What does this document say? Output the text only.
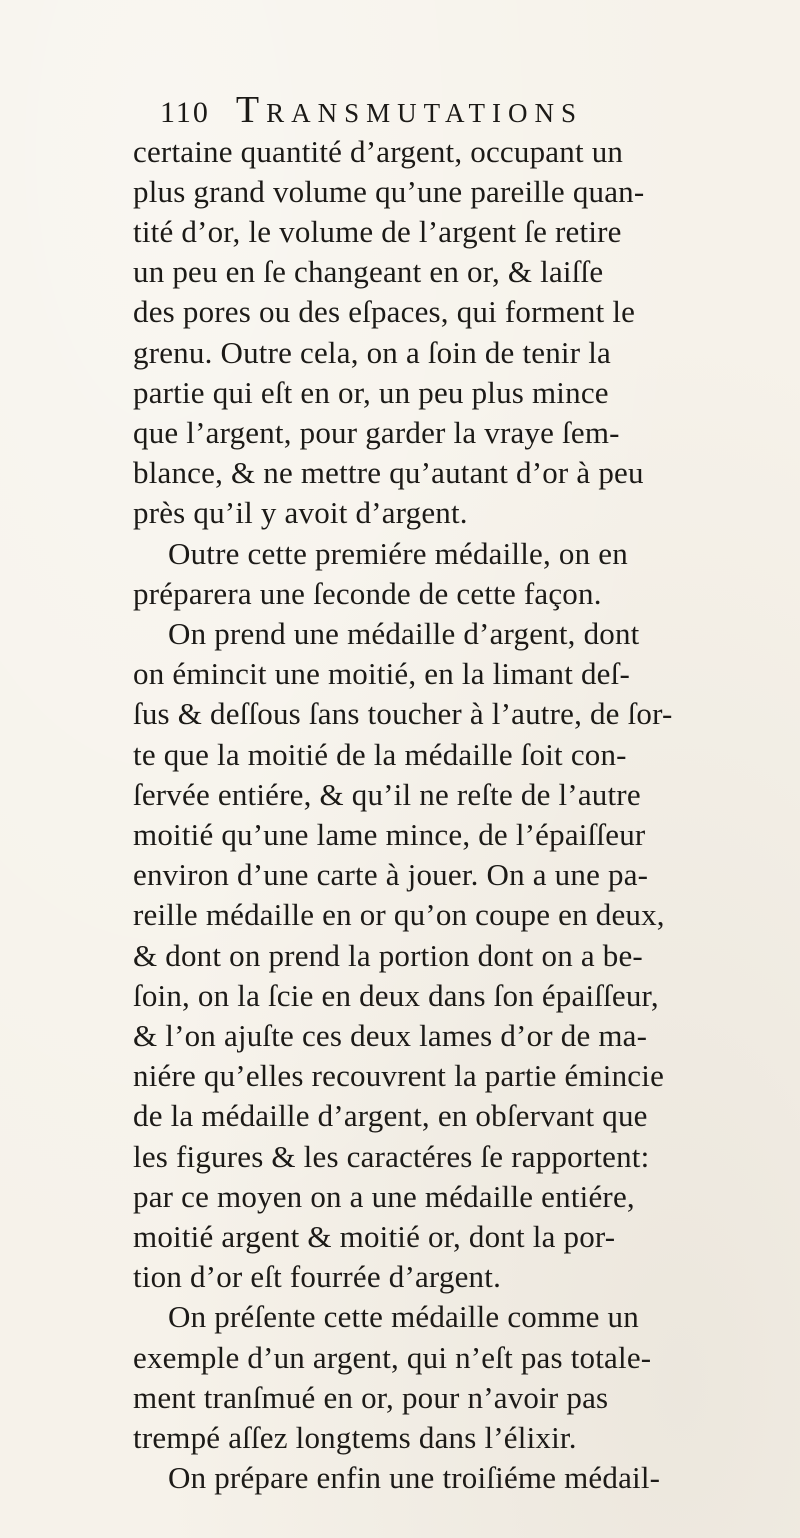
110 Transmutations
certaine quantité d’argent, occupant un
plus grand volume qu’une pareille quan-
tité d’or, le volume de l’argent ſe retire
un peu en ſe changeant en or, & laiſſe
des pores ou des eſpaces, qui forment le
grenu. Outre cela, on a ſoin de tenir la
partie qui eſt en or, un peu plus mince
que l’argent, pour garder la vraye ſem-
blance, & ne mettre qu’autant d’or à peu
près qu’il y avoit d’argent.
Outre cette premiére médaille, on en
préparera une ſeconde de cette façon.
On prend une médaille d’argent, dont
on émincit une moitié, en la limant deſ-
ſus & deſſous ſans toucher à l’autre, de ſor-
te que la moitié de la médaille ſoit con-
ſervée entiére, & qu’il ne reſte de l’autre
moitié qu’une lame mince, de l’épaiſſeur
environ d’une carte à jouer. On a une pa-
reille médaille en or qu’on coupe en deux,
& dont on prend la portion dont on a be-
ſoin, on la ſcie en deux dans ſon épaiſſeur,
& l’on ajuſte ces deux lames d’or de ma-
niére qu’elles recouvrent la partie émincie
de la médaille d’argent, en obſervant que
les figures & les caractéres ſe rapportent:
par ce moyen on a une médaille entiére,
moitié argent & moitié or, dont la por-
tion d’or eſt fourrée d’argent.
On préſente cette médaille comme un
exemple d’un argent, qui n’eſt pas totale-
ment tranſmué en or, pour n’avoir pas
trempé aſſez longtems dans l’élixir.
On prépare enfin une troiſiéme médail-
